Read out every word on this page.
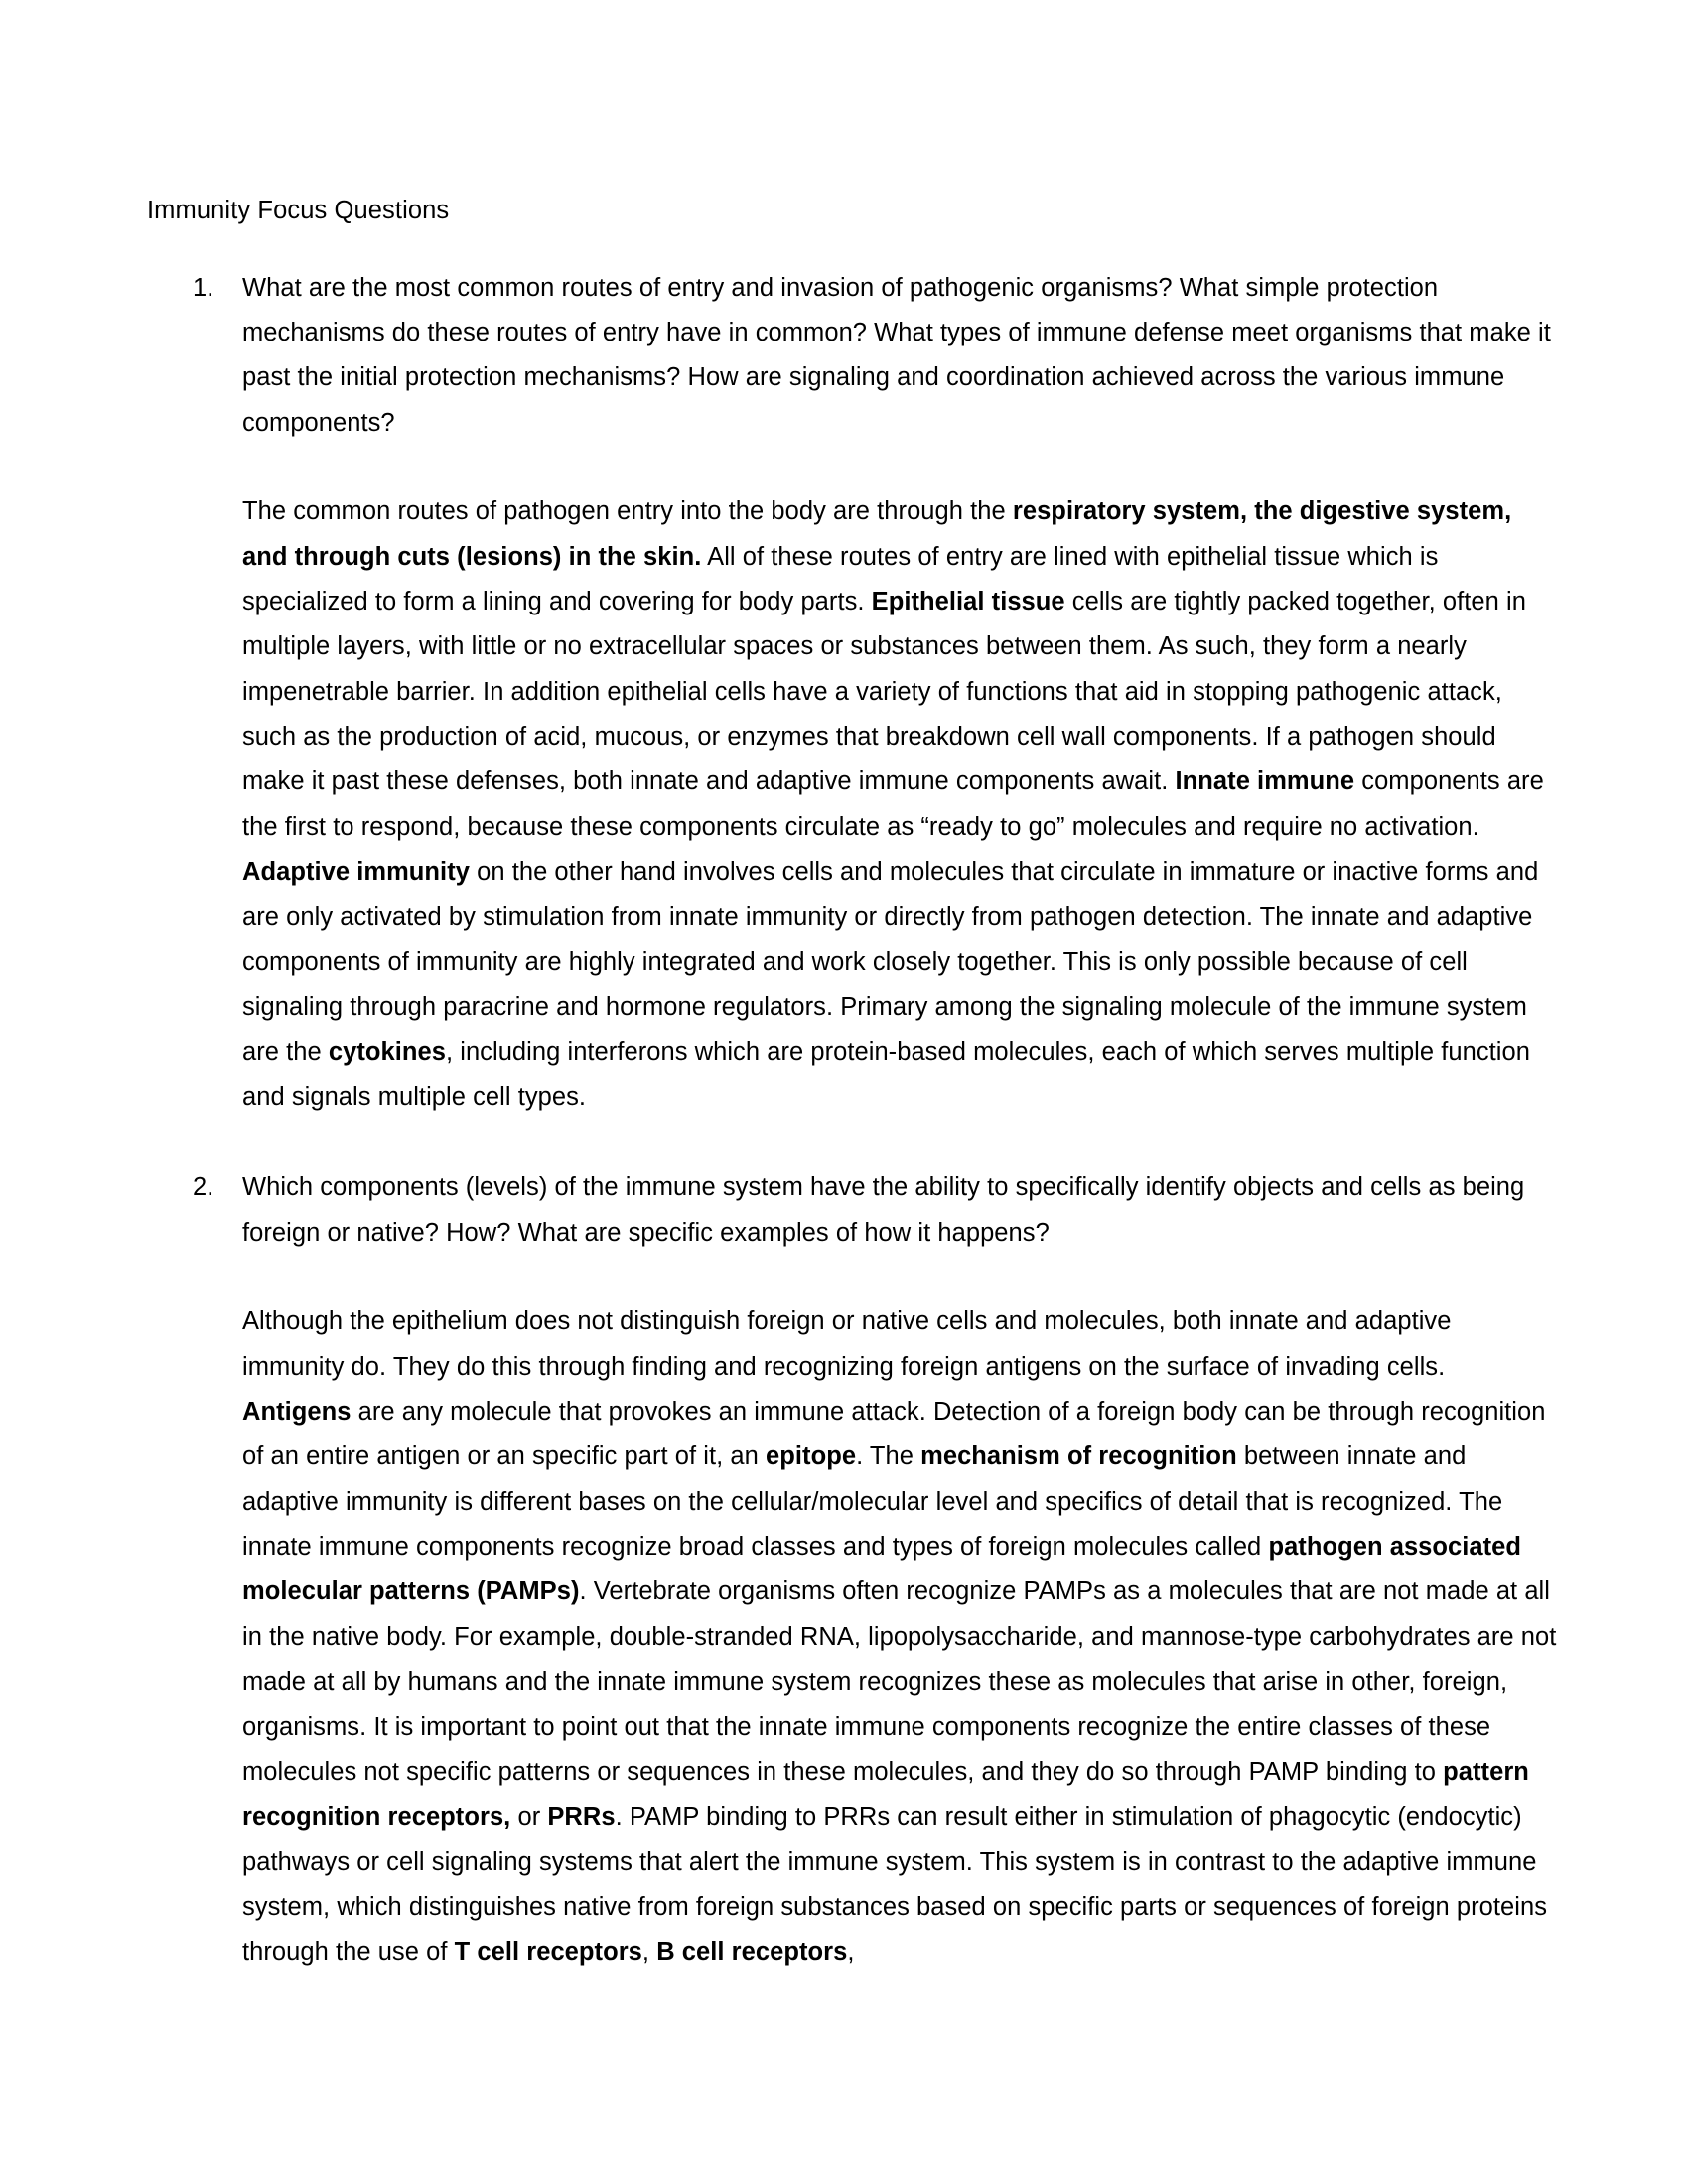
Immunity Focus Questions
1. What are the most common routes of entry and invasion of pathogenic organisms? What simple protection mechanisms do these routes of entry have in common? What types of immune defense meet organisms that make it past the initial protection mechanisms? How are signaling and coordination achieved across the various immune components?
The common routes of pathogen entry into the body are through the respiratory system, the digestive system, and through cuts (lesions) in the skin. All of these routes of entry are lined with epithelial tissue which is specialized to form a lining and covering for body parts. Epithelial tissue cells are tightly packed together, often in multiple layers, with little or no extracellular spaces or substances between them. As such, they form a nearly impenetrable barrier. In addition epithelial cells have a variety of functions that aid in stopping pathogenic attack, such as the production of acid, mucous, or enzymes that breakdown cell wall components. If a pathogen should make it past these defenses, both innate and adaptive immune components await. Innate immune components are the first to respond, because these components circulate as “ready to go” molecules and require no activation. Adaptive immunity on the other hand involves cells and molecules that circulate in immature or inactive forms and are only activated by stimulation from innate immunity or directly from pathogen detection. The innate and adaptive components of immunity are highly integrated and work closely together. This is only possible because of cell signaling through paracrine and hormone regulators. Primary among the signaling molecule of the immune system are the cytokines, including interferons which are protein-based molecules, each of which serves multiple function and signals multiple cell types.
2. Which components (levels) of the immune system have the ability to specifically identify objects and cells as being foreign or native? How? What are specific examples of how it happens?
Although the epithelium does not distinguish foreign or native cells and molecules, both innate and adaptive immunity do. They do this through finding and recognizing foreign antigens on the surface of invading cells. Antigens are any molecule that provokes an immune attack. Detection of a foreign body can be through recognition of an entire antigen or an specific part of it, an epitope. The mechanism of recognition between innate and adaptive immunity is different bases on the cellular/molecular level and specifics of detail that is recognized. The innate immune components recognize broad classes and types of foreign molecules called pathogen associated molecular patterns (PAMPs). Vertebrate organisms often recognize PAMPs as a molecules that are not made at all in the native body. For example, double-stranded RNA, lipopolysaccharide, and mannose-type carbohydrates are not made at all by humans and the innate immune system recognizes these as molecules that arise in other, foreign, organisms. It is important to point out that the innate immune components recognize the entire classes of these molecules not specific patterns or sequences in these molecules, and they do so through PAMP binding to pattern recognition receptors, or PRRs. PAMP binding to PRRs can result either in stimulation of phagocytic (endocytic) pathways or cell signaling systems that alert the immune system. This system is in contrast to the adaptive immune system, which distinguishes native from foreign substances based on specific parts or sequences of foreign proteins through the use of T cell receptors, B cell receptors,
